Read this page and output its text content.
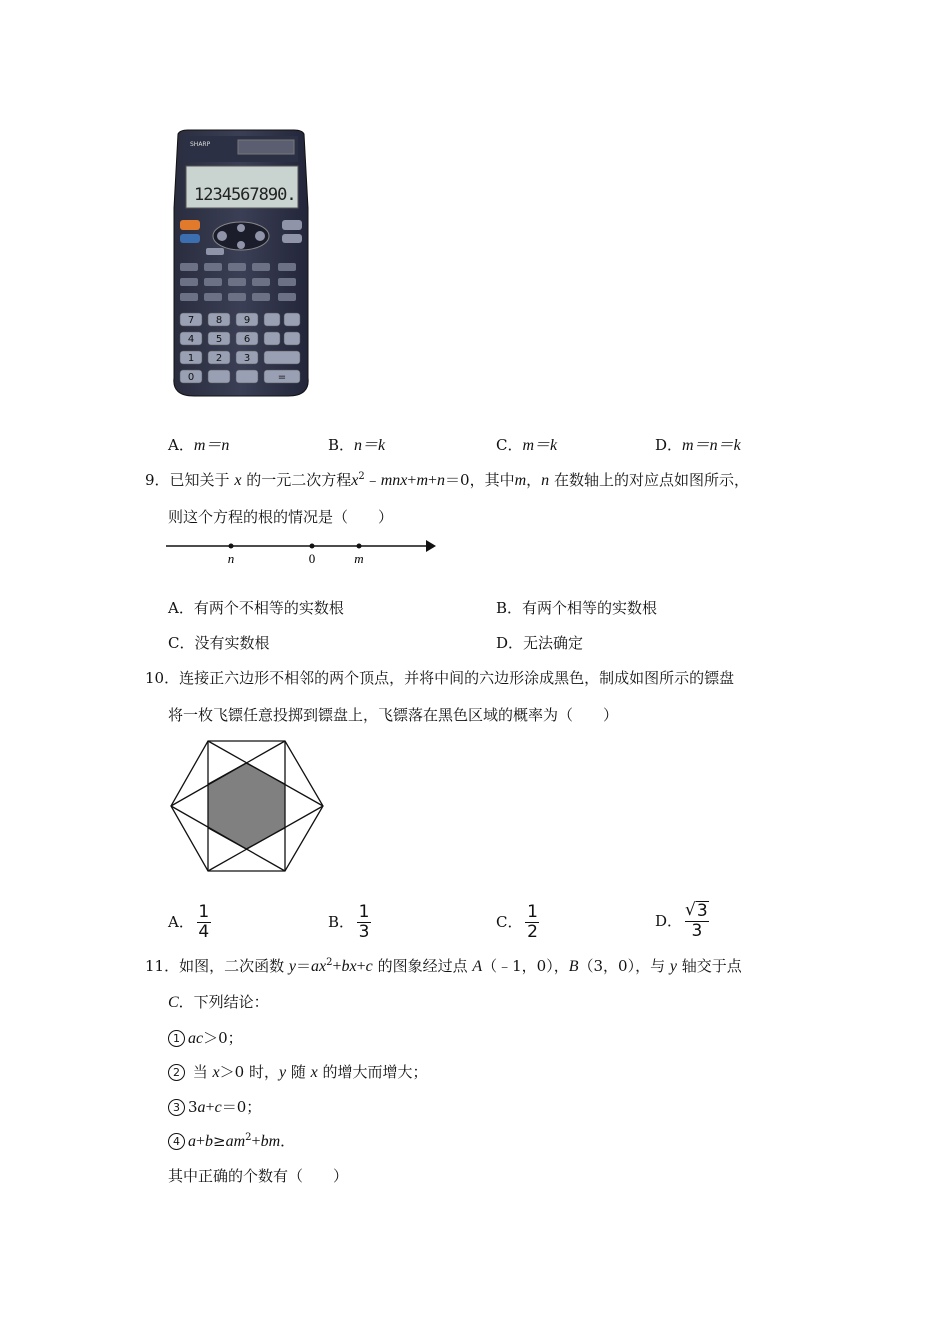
SHARP
1234567890.
7 8 9
4 5 6
1 2 3
0	=
A．m＝n	B．n＝k	C．m＝k	D．m＝n＝k
9．已知关于 x 的一元二次方程$x^2﹣mnx+m+n=0$，其中m，n 在数轴上的对应点如图所示，
则这个方程的根的情况是（　　）
n	0	m
A．有两个不相等的实数根	B．有两个相等的实数根
C．没有实数根	D．无法确定
10．连接正六边形不相邻的两个顶点，并将中间的六边形涂成黑色，制成如图所示的镖盘
将一枚飞镖任意投掷到镖盘上，飞镖落在黑色区域的概率为（　　）
A． $\frac{1}{4}$	B． $\frac{1}{3}$	C． $\frac{1}{2}$	D． $\frac{√ 3}{3}$
11．如图，二次函数 $y=ax^2+bx+c$ 的图象经过点 A（﹣1，0），B（3，0），与 y 轴交于点
C．下列结论：
1 ac＞0；
2 当 x＞0 时，y 随 x 的增大而增大；
3 3a+c＝0；
4 $a+b\ge am^2+bm$．
其中正确的个数有（　　）
